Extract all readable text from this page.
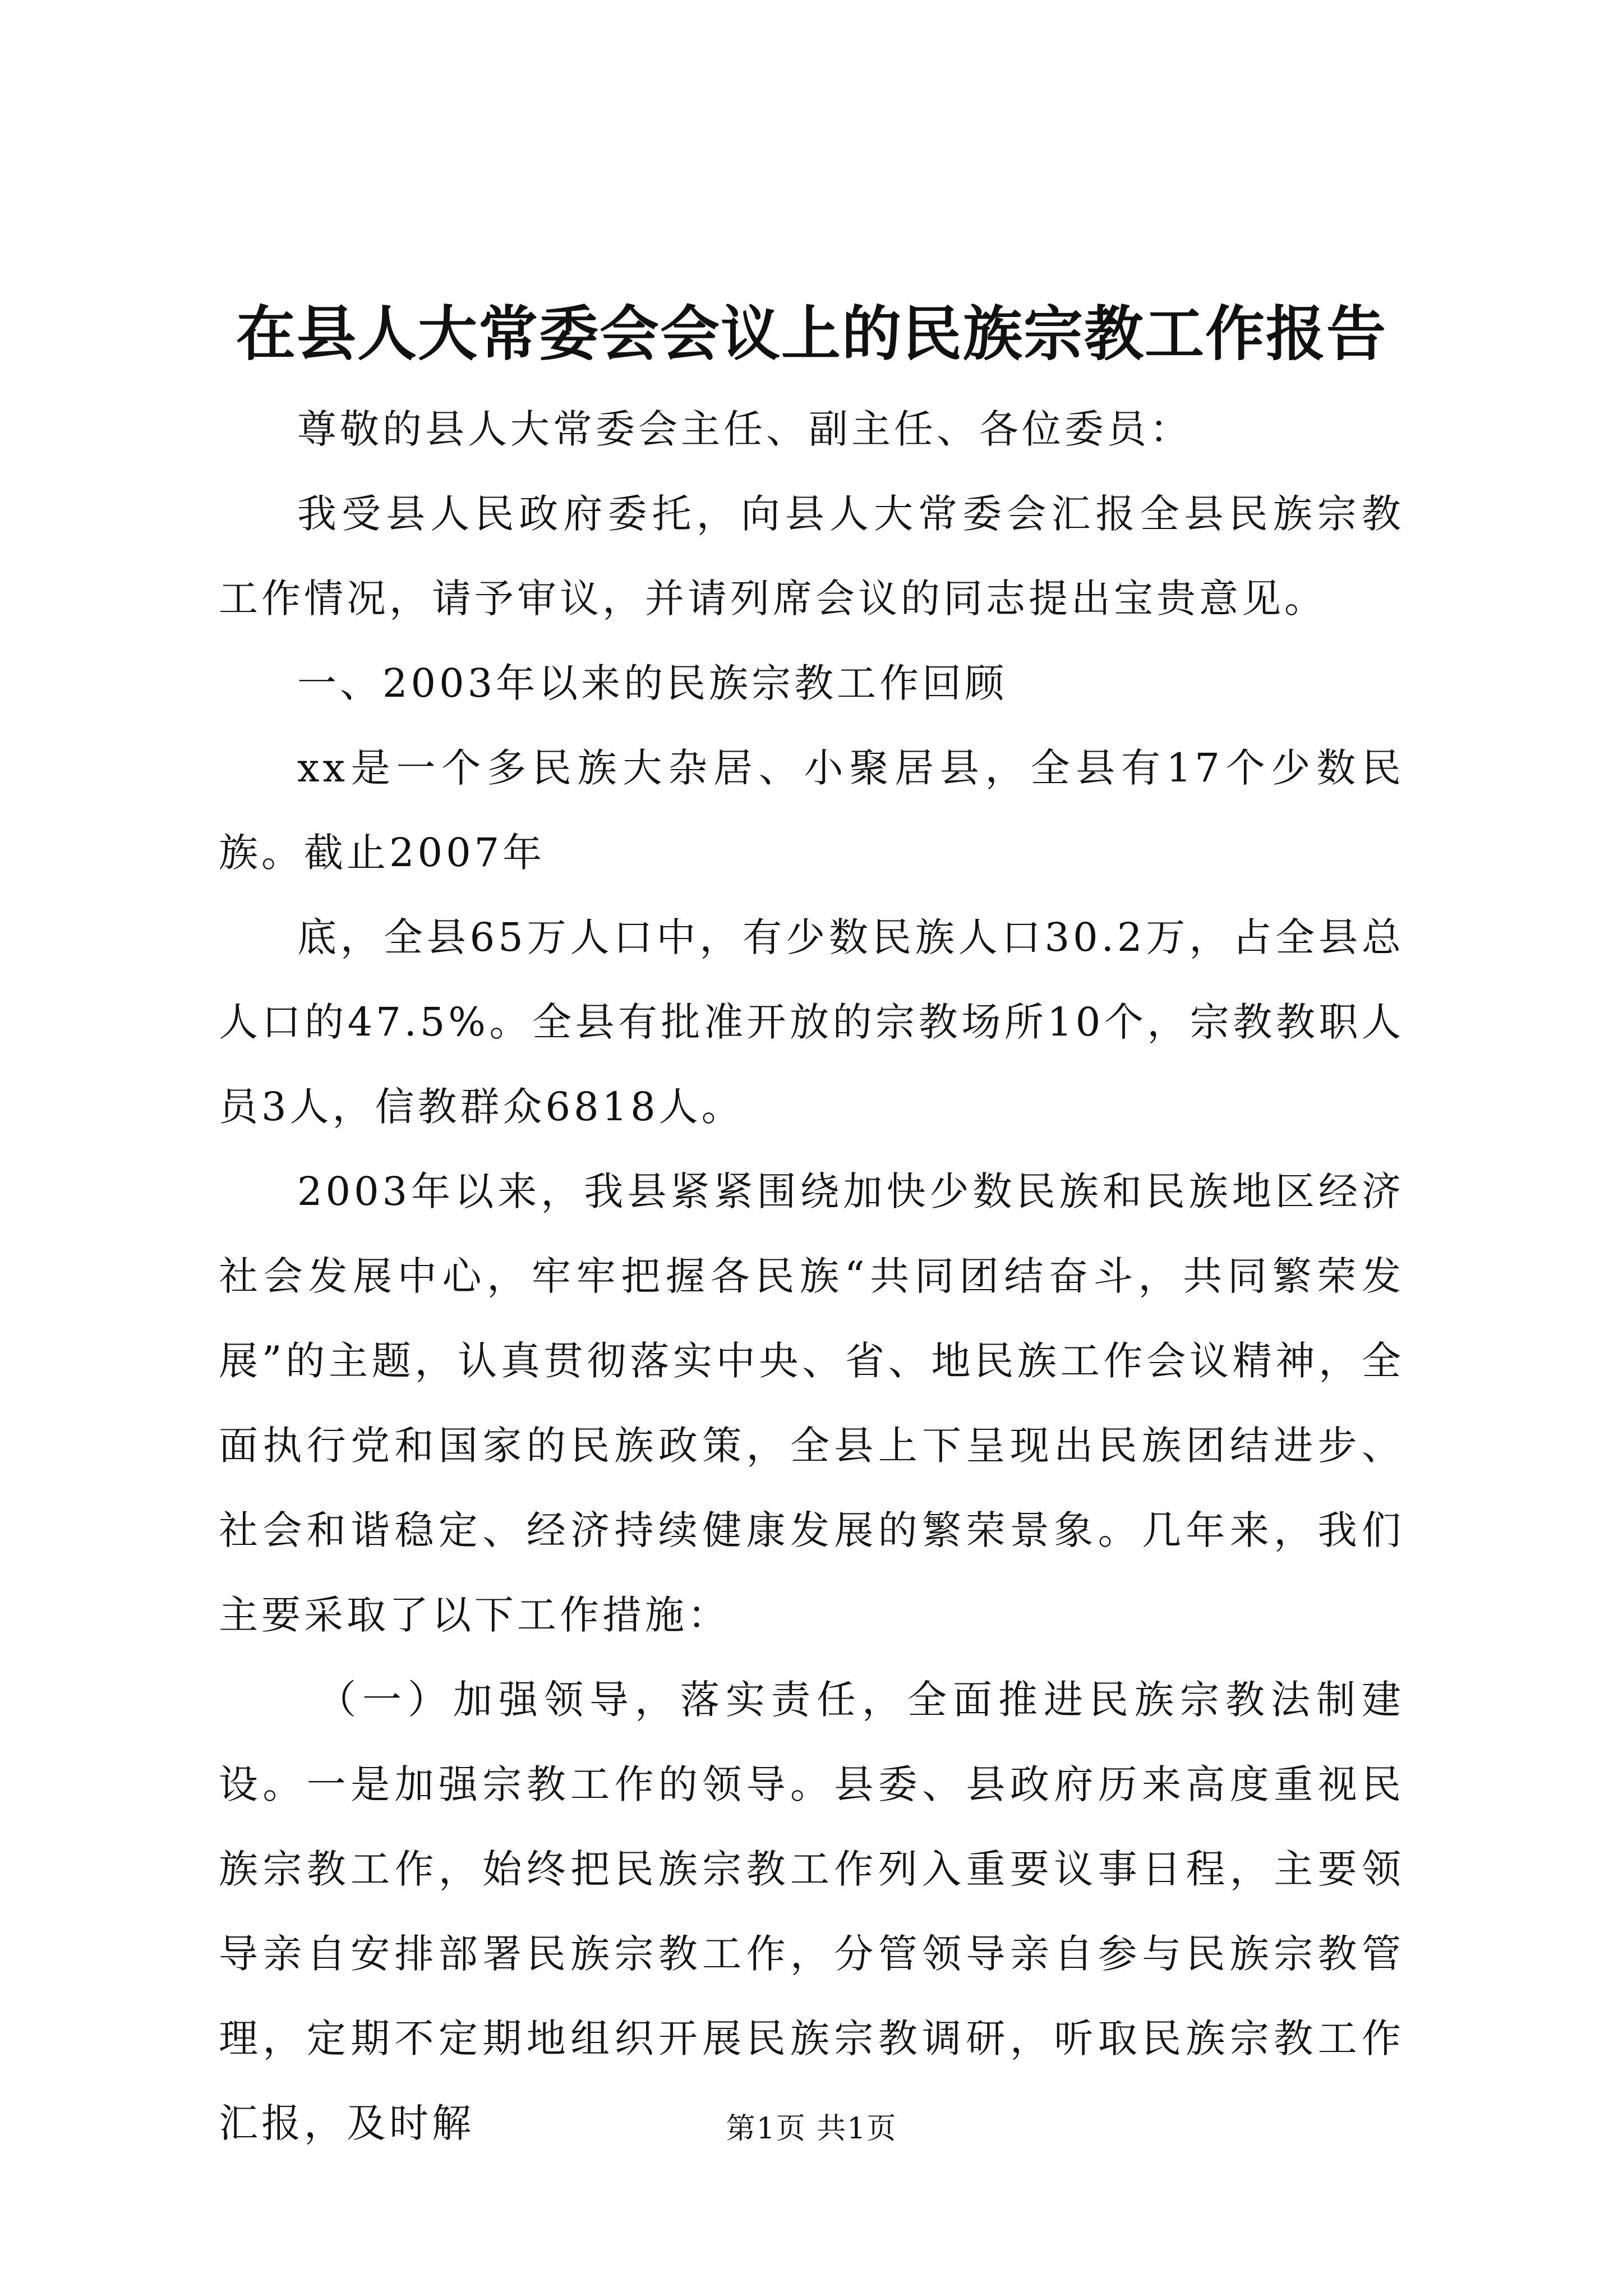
在县人大常委会会议上的民族宗教工作报告

尊敬的县人大常委会主任、副主任、各位委员：

我受县人民政府委托，向县人大常委会汇报全县民族宗教工作情况，请予审议，并请列席会议的同志提出宝贵意见。

一、2003年以来的民族宗教工作回顾

xx是一个多民族大杂居、小聚居县，全县有17个少数民族。截止2007年

底，全县65万人口中，有少数民族人口30.2万，占全县总人口的47.5%。全县有批准开放的宗教场所10个，宗教教职人员3人，信教群众6818人。

2003年以来，我县紧紧围绕加快少数民族和民族地区经济社会发展中心，牢牢把握各民族“共同团结奋斗，共同繁荣发展”的主题，认真贯彻落实中央、省、地民族工作会议精神，全面执行党和国家的民族政策，全县上下呈现出民族团结进步、社会和谐稳定、经济持续健康发展的繁荣景象。几年来，我们主要采取了以下工作措施：

（一）加强领导，落实责任，全面推进民族宗教法制建设。一是加强宗教工作的领导。县委、县政府历来高度重视民族宗教工作，始终把民族宗教工作列入重要议事日程，主要领导亲自安排部署民族宗教工作，分管领导亲自参与民族宗教管理，定期不定期地组织开展民族宗教调研，听取民族宗教工作汇报，及时解	第1页 共1页
